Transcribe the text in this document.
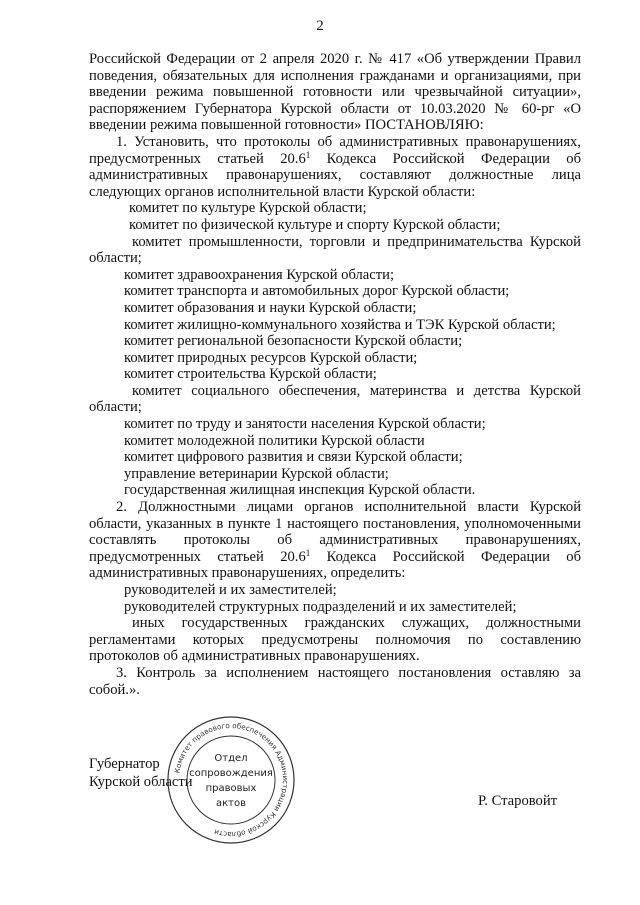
2

Российской Федерации от 2 апреля 2020 г. № 417 «Об утверждении Правил поведения, обязательных для исполнения гражданами и организациями, при введении режима повышенной готовности или чрезвычайной ситуации», распоряжением Губернатора Курской области от 10.03.2020 № 60-рг «О введении режима повышенной готовности» ПОСТАНОВЛЯЮ:

1. Установить, что протоколы об административных правонарушениях, предусмотренных статьей 20.6$^1$ Кодекса Российской Федерации об административных правонарушениях, составляют должностные лица следующих органов исполнительной власти Курской области:

комитет по культуре Курской области;

комитет по физической культуре и спорту Курской области;

комитет промышленности, торговли и предпринимательства Курской области;

комитет здравоохранения Курской области;

комитет транспорта и автомобильных дорог Курской области;

комитет образования и науки Курской области;

комитет жилищно-коммунального хозяйства и ТЭК Курской области;

комитет региональной безопасности Курской области;

комитет природных ресурсов Курской области;

комитет строительства Курской области;

комитет социального обеспечения, материнства и детства Курской области;

комитет по труду и занятости населения Курской области;

комитет молодежной политики Курской области

комитет цифрового развития и связи Курской области;

управление ветеринарии Курской области;

государственная жилищная инспекция Курской области.

2. Должностными лицами органов исполнительной власти Курской области, указанных в пункте 1 настоящего постановления, уполномоченными составлять протоколы об административных правонарушениях, предусмотренных статьей 20.6$^1$ Кодекса Российской Федерации об административных правонарушениях, определить:

руководителей и их заместителей;

руководителей структурных подразделений и их заместителей;

иных государственных гражданских служащих, должностными регламентами которых предусмотрены полномочия по составлению протоколов об административных правонарушениях.

3. Контроль за исполнением настоящего постановления оставляю за собой.».

Губернатор
Курской области
Р. Старовойт
Комитет правового обеспечения Администрации Курской области
Отдел
сопровождения
правовых
актов
